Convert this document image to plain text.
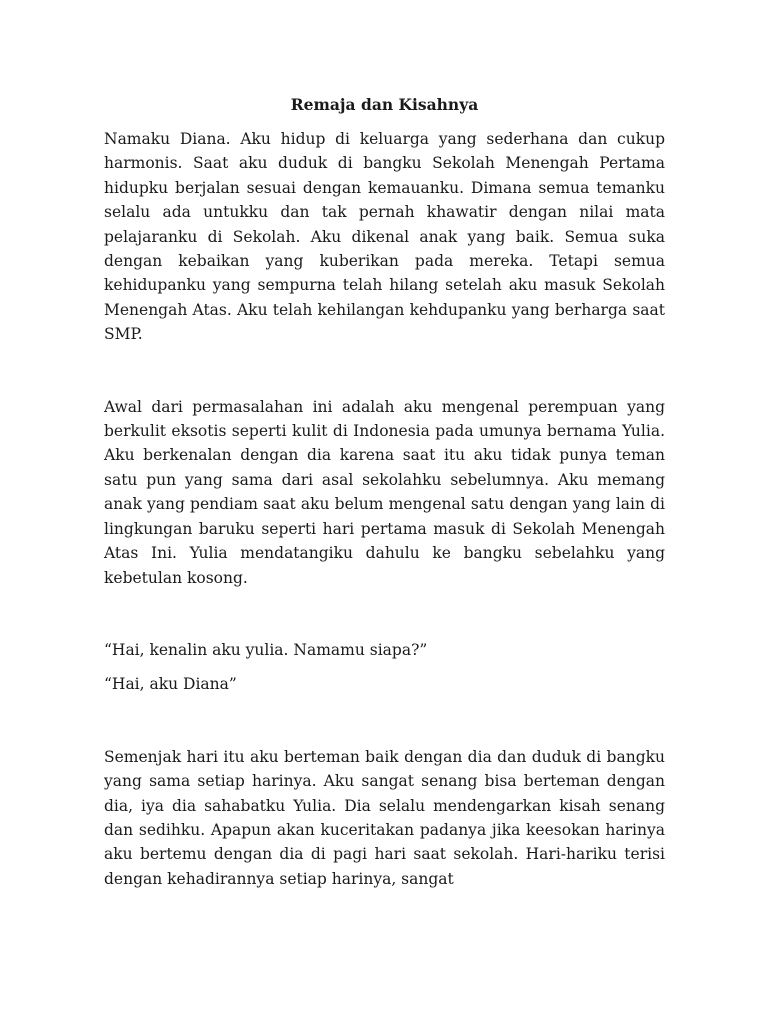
Remaja dan Kisahnya

Namaku Diana. Aku hidup di keluarga yang sederhana dan cukup harmonis. Saat aku duduk di bangku Sekolah Menengah Pertama hidupku berjalan sesuai dengan kemauanku. Dimana semua temanku selalu ada untukku dan tak pernah khawatir dengan nilai mata pelajaranku di Sekolah. Aku dikenal anak yang baik. Semua suka dengan kebaikan yang kuberikan pada mereka. Tetapi semua kehidupanku yang sempurna telah hilang setelah aku masuk Sekolah Menengah Atas. Aku telah kehilangan kehdupanku yang berharga saat SMP.

Awal dari permasalahan ini adalah aku mengenal perempuan yang berkulit eksotis seperti kulit di Indonesia pada umunya bernama Yulia. Aku berkenalan dengan dia karena saat itu aku tidak punya teman satu pun yang sama dari asal sekolahku sebelumnya. Aku memang anak yang pendiam saat aku belum mengenal satu dengan yang lain di lingkungan baruku seperti hari pertama masuk di Sekolah Menengah Atas Ini. Yulia mendatangiku dahulu ke bangku sebelahku yang kebetulan kosong.

“Hai, kenalin aku yulia. Namamu siapa?”

“Hai, aku Diana”

Semenjak hari itu aku berteman baik dengan dia dan duduk di bangku yang sama setiap harinya. Aku sangat senang bisa berteman dengan dia, iya dia sahabatku Yulia. Dia selalu mendengarkan kisah senang dan sedihku. Apapun akan kuceritakan padanya jika keesokan harinya aku bertemu dengan dia di pagi hari saat sekolah. Hari-hariku terisi dengan kehadirannya setiap harinya, sangat
